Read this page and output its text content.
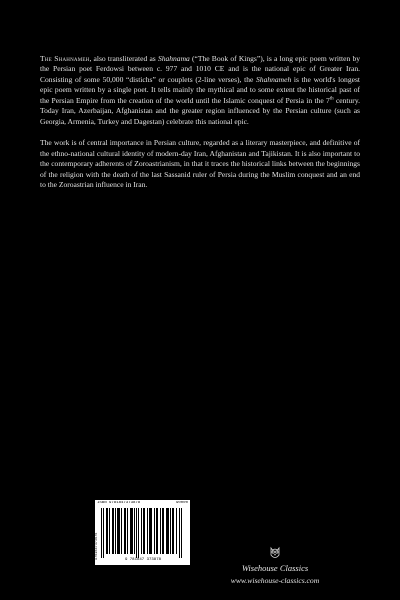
The Shahnameh, also transliterated as Shahnama (“The Book of Kings”), is a long epic poem written by the Persian poet Ferdowsi between c. 977 and 1010 CE and is the national epic of Greater Iran. Consisting of some 50,000 “distichs” or couplets (2-line verses), the Shahnameh is the world's longest epic poem written by a single poet. It tells mainly the mythical and to some extent the historical past of the Persian Empire from the creation of the world until the Islamic conquest of Persia in the 7th century. Today Iran, Azerbaijan, Afghanistan and the greater region influenced by the Persian culture (such as Georgia, Armenia, Turkey and Dagestan) celebrate this national epic.

The work is of central importance in Persian culture, regarded as a literary masterpiece, and definitive of the ethno-national cultural identity of modern-day Iran, Afghanistan and Tajikistan. It is also important to the contemporary adherents of Zoroastrianism, in that it traces the historical links between the beginnings of the religion with the death of the last Sassanid ruler of Persia during the Muslim conquest and an end to the Zoroastrian influence in Iran.

ISBN 9781847373878	90000
9781847373878	9 781847 373878
Wisehouse Classics
www.wisehouse-classics.com
